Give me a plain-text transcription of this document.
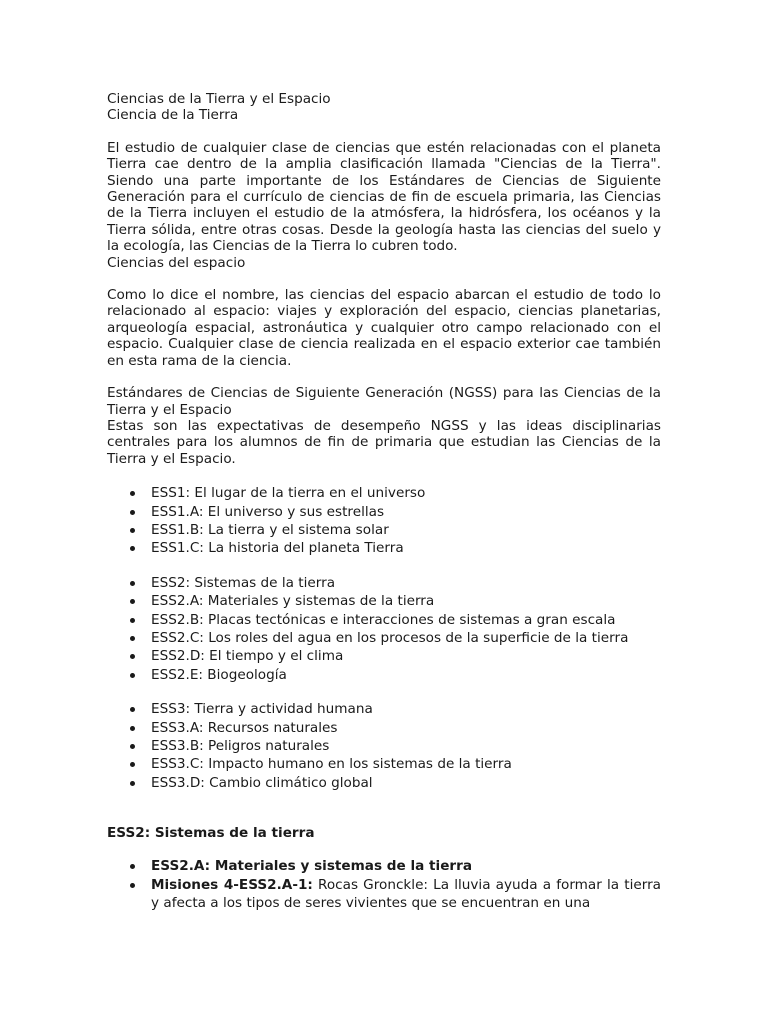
Ciencias de la Tierra y el Espacio

Ciencia de la Tierra

El estudio de cualquier clase de ciencias que estén relacionadas con el planeta Tierra cae dentro de la amplia clasificación llamada "Ciencias de la Tierra". Siendo una parte importante de los Estándares de Ciencias de Siguiente Generación para el currículo de ciencias de fin de escuela primaria, las Ciencias de la Tierra incluyen el estudio de la atmósfera, la hidrósfera, los océanos y la Tierra sólida, entre otras cosas. Desde la geología hasta las ciencias del suelo y la ecología, las Ciencias de la Tierra lo cubren todo.

Ciencias del espacio

Como lo dice el nombre, las ciencias del espacio abarcan el estudio de todo lo relacionado al espacio: viajes y exploración del espacio, ciencias planetarias, arqueología espacial, astronáutica y cualquier otro campo relacionado con el espacio. Cualquier clase de ciencia realizada en el espacio exterior cae también en esta rama de la ciencia.

Estándares de Ciencias de Siguiente Generación (NGSS) para las Ciencias de la Tierra y el Espacio

Estas son las expectativas de desempeño NGSS y las ideas disciplinarias centrales para los alumnos de fin de primaria que estudian las Ciencias de la Tierra y el Espacio.

ESS1: El lugar de la tierra en el universo
ESS1.A: El universo y sus estrellas
ESS1.B: La tierra y el sistema solar
ESS1.C: La historia del planeta Tierra
ESS2: Sistemas de la tierra
ESS2.A: Materiales y sistemas de la tierra
ESS2.B: Placas tectónicas e interacciones de sistemas a gran escala
ESS2.C: Los roles del agua en los procesos de la superficie de la tierra
ESS2.D: El tiempo y el clima
ESS2.E: Biogeología
ESS3: Tierra y actividad humana
ESS3.A: Recursos naturales
ESS3.B: Peligros naturales
ESS3.C: Impacto humano en los sistemas de la tierra
ESS3.D: Cambio climático global

ESS2: Sistemas de la tierra

ESS2.A: Materiales y sistemas de la tierra
Misiones 4-ESS2.A-1: Rocas Gronckle: La lluvia ayuda a formar la tierra y afecta a los tipos de seres vivientes que se encuentran en una
